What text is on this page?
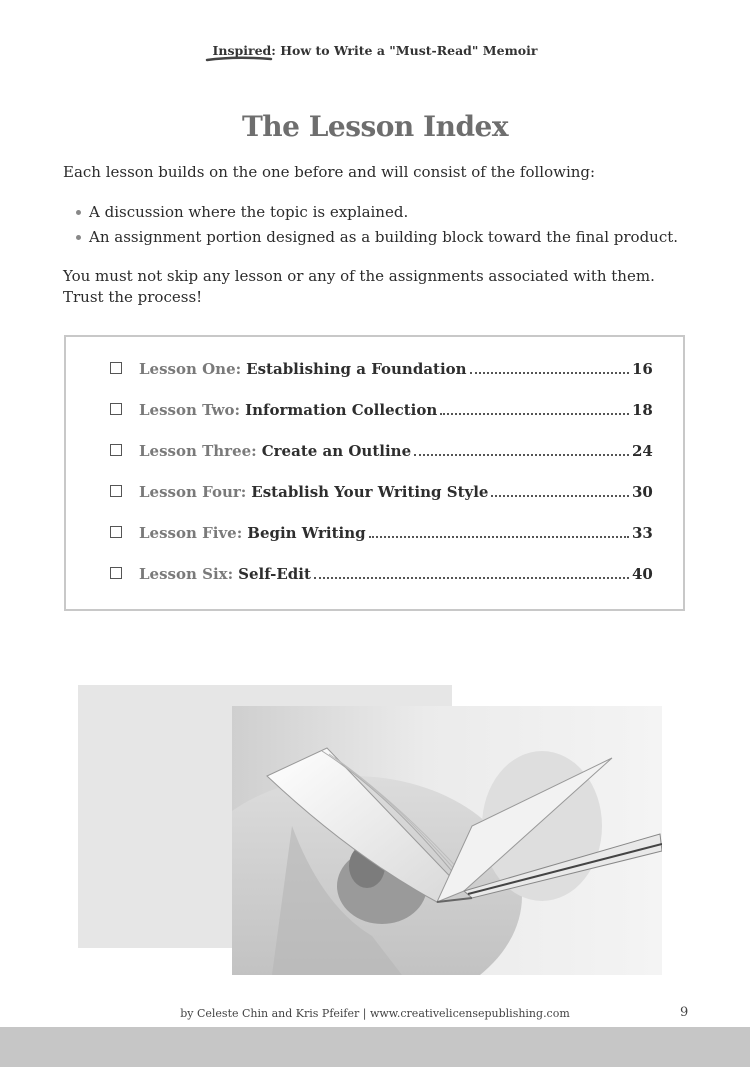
Inspired: How to Write a "Must-Read" Memoir
The Lesson Index
Each lesson builds on the one before and will consist of the following:
A discussion where the topic is explained.
An assignment portion designed as a building block toward the final product.
You must not skip any lesson or any of the assignments associated with them.
Trust the process!
Lesson One: Establishing a Foundation	16
Lesson Two: Information Collection	18
Lesson Three: Create an Outline	24
Lesson Four: Establish Your Writing Style	30
Lesson Five: Begin Writing	33
Lesson Six: Self-Edit	40
by Celeste Chin and Kris Pfeifer | www.creativelicensepublishing.com	9
